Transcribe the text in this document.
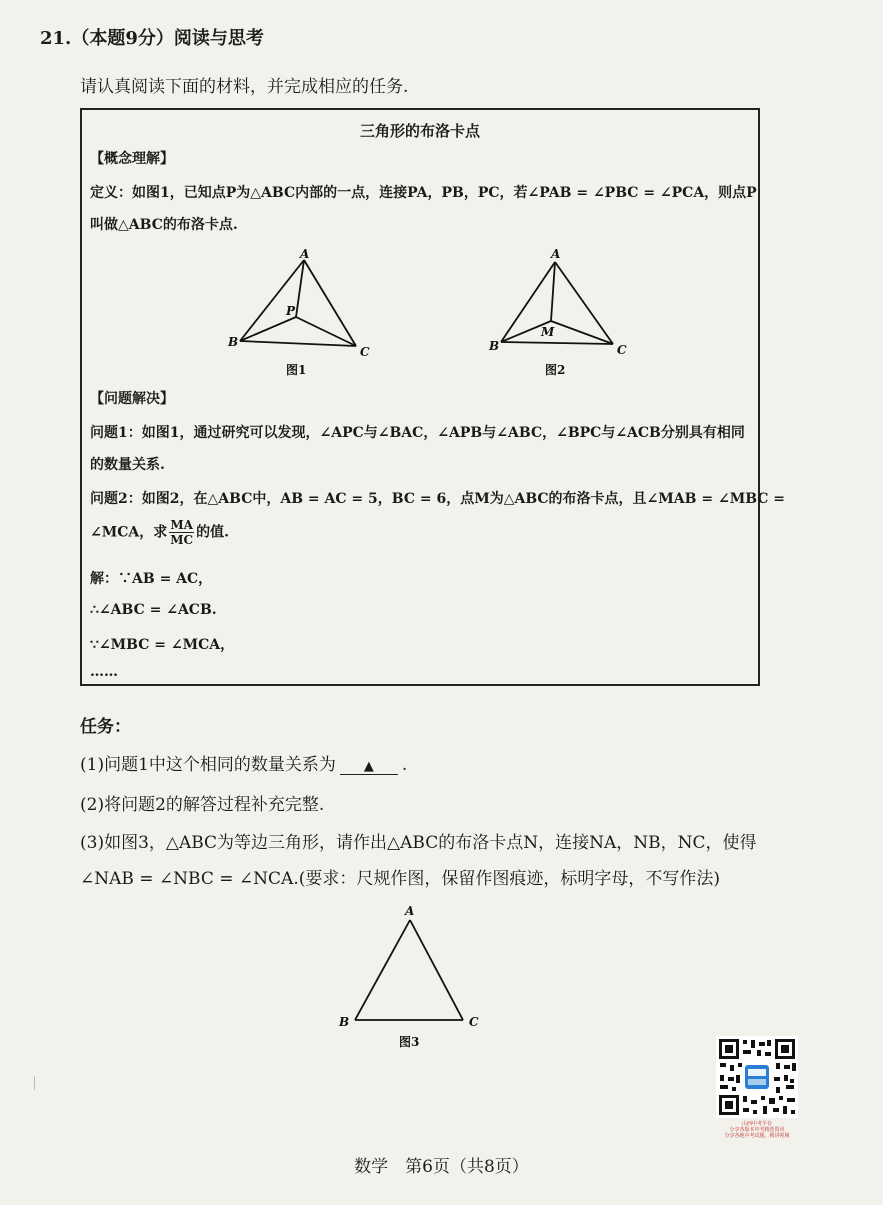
21.（本题9分）阅读与思考
请认真阅读下面的材料，并完成相应的任务.
三角形的布洛卡点
【概念理解】
定义：如图1，已知点P为△ABC内部的一点，连接PA，PB，PC，若∠PAB = ∠PBC = ∠PCA，则点P
叫做△ABC的布洛卡点.
A
P
B
C
图1
A
M
B	C
图2
【问题解决】
问题1：如图1，通过研究可以发现，∠APC与∠BAC，∠APB与∠ABC，∠BPC与∠ACB分别具有相同
的数量关系.
问题2：如图2，在△ABC中，AB = AC = 5，BC = 6，点M为△ABC的布洛卡点，且∠MAB = ∠MBC =
∠MCA，求 $\frac{MA}{MC}$ 的值.
解：∵AB = AC，
∴∠ABC = ∠ACB.
∵∠MBC = ∠MCA，
……
任务：
(1)问题1中这个相同的数量关系为 ▲ .
(2)将问题2的解答过程补充完整.
(3)如图3，△ABC为等边三角形，请作出△ABC的布洛卡点N，连接NA，NB，NC，使得
∠NAB = ∠NBC = ∠NCA.(要求：尺规作图，保留作图痕迹，标明字母，不写作法)
A
B	C
图3
山西中考平台
分享各版本中考精选资讯
分享各地中考试题、精讲视频
数学　第6页（共8页）
